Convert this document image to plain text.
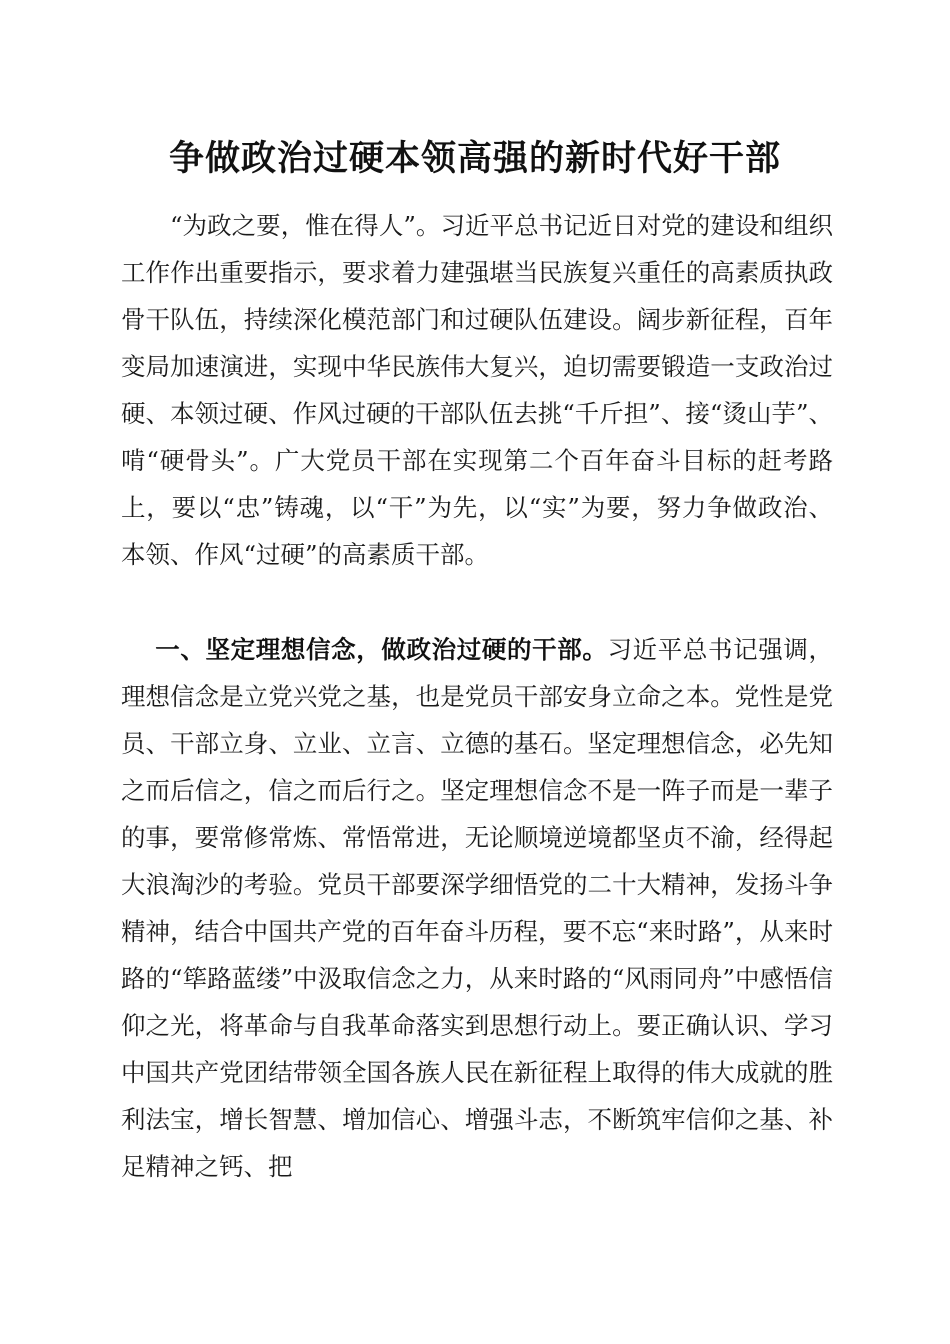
争做政治过硬本领高强的新时代好干部

“为政之要，惟在得人”。习近平总书记近日对党的建设和组织工作作出重要指示，要求着力建强堪当民族复兴重任的高素质执政骨干队伍，持续深化模范部门和过硬队伍建设。阔步新征程，百年变局加速演进，实现中华民族伟大复兴，迫切需要锻造一支政治过硬、本领过硬、作风过硬的干部队伍去挑“千斤担”、接“烫山芋”、啃“硬骨头”。广大党员干部在实现第二个百年奋斗目标的赶考路上，要以“忠”铸魂，以“干”为先，以“实”为要，努力争做政治、本领、作风“过硬”的高素质干部。

一、坚定理想信念，做政治过硬的干部。习近平总书记强调，理想信念是立党兴党之基，也是党员干部安身立命之本。党性是党员、干部立身、立业、立言、立德的基石。坚定理想信念，必先知之而后信之，信之而后行之。坚定理想信念不是一阵子而是一辈子的事，要常修常炼、常悟常进，无论顺境逆境都坚贞不渝，经得起大浪淘沙的考验。党员干部要深学细悟党的二十大精神，发扬斗争精神，结合中国共产党的百年奋斗历程，要不忘“来时路”，从来时路的“筚路蓝缕”中汲取信念之力，从来时路的“风雨同舟”中感悟信仰之光，将革命与自我革命落实到思想行动上。要正确认识、学习中国共产党团结带领全国各族人民在新征程上取得的伟大成就的胜利法宝，增长智慧、增加信心、增强斗志，不断筑牢信仰之基、补足精神之钙、把
